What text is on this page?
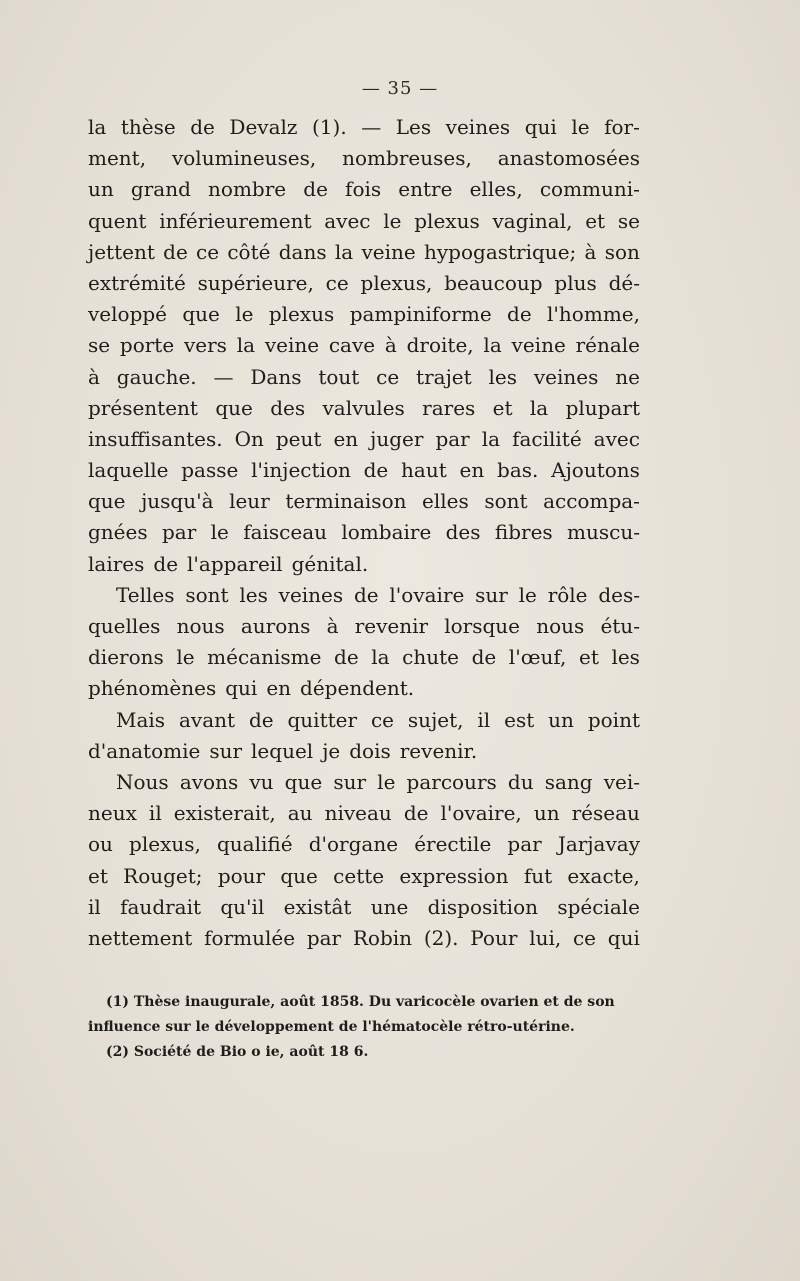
— 35 —
la thèse de Devalz (1). — Les veines qui le for-
ment, volumineuses, nombreuses, anastomosées
un grand nombre de fois entre elles, communi-
quent inférieurement avec le plexus vaginal, et se
jettent de ce côté dans la veine hypogastrique; à son
extrémité supérieure, ce plexus, beaucoup plus dé-
veloppé que le plexus pampiniforme de l'homme,
se porte vers la veine cave à droite, la veine rénale
à gauche. — Dans tout ce trajet les veines ne
présentent que des valvules rares et la plupart
insuffisantes. On peut en juger par la facilité avec
laquelle passe l'injection de haut en bas. Ajoutons
que jusqu'à leur terminaison elles sont accompa-
gnées par le faisceau lombaire des fibres muscu-
laires de l'appareil génital.
Telles sont les veines de l'ovaire sur le rôle des-
quelles nous aurons à revenir lorsque nous étu-
dierons le mécanisme de la chute de l'œuf, et les
phénomènes qui en dépendent.
Mais avant de quitter ce sujet, il est un point
d'anatomie sur lequel je dois revenir.
Nous avons vu que sur le parcours du sang vei-
neux il existerait, au niveau de l'ovaire, un réseau
ou plexus, qualifié d'organe érectile par Jarjavay
et Rouget; pour que cette expression fut exacte,
il faudrait qu'il existât une disposition spéciale
nettement formulée par Robin (2). Pour lui, ce qui
(1) Thèse inaugurale, août 1858. Du varicocèle ovarien et de son
influence sur le développement de l'hématocèle rétro-utérine.
(2) Société de Bio o ie, août 18 6.
